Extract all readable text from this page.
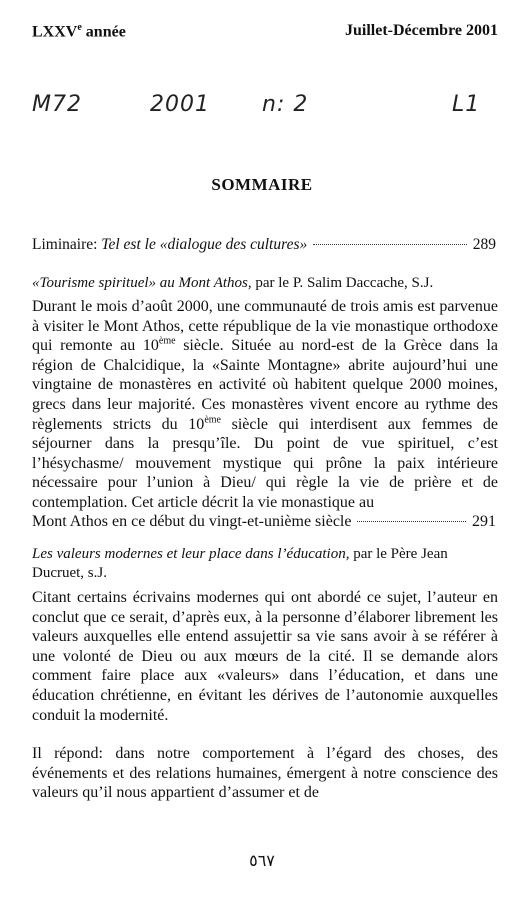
LXXVe année	Juillet-Décembre 2001
M72	2001 n: 2	L1
SOMMAIRE
Liminaire: Tel est le «dialogue des cultures»	289
«Tourisme spirituel» au Mont Athos, par le P. Salim Daccache, S.J.
Durant le mois d’août 2000, une communauté de trois amis est parvenue à visiter le Mont Athos, cette république de la vie monastique orthodoxe qui remonte au 10ème siècle. Située au nord-est de la Grèce dans la région de Chalcidique, la «Sainte Montagne» abrite aujourd’hui une vingtaine de monastères en activité où habitent quelque 2000 moines, grecs dans leur majorité. Ces monastères vivent encore au rythme des règlements stricts du 10ème siècle qui interdisent aux femmes de séjourner dans la presqu’île. Du point de vue spirituel, c’est l’hésychasme/ mouvement mystique qui prône la paix intérieure nécessaire pour l’union à Dieu/ qui règle la vie de prière et de contemplation. Cet article décrit la vie monastique au
Mont Athos en ce début du vingt-et-unième siècle	291
Les valeurs modernes et leur place dans l’éducation, par le Père Jean Ducruet, s.J.
Citant certains écrivains modernes qui ont abordé ce sujet, l’auteur en conclut que ce serait, d’après eux, à la personne d’élaborer librement les valeurs auxquelles elle entend assujettir sa vie sans avoir à se référer à une volonté de Dieu ou aux mœurs de la cité. Il se demande alors comment faire place aux «valeurs» dans l’éducation, et dans une éducation chrétienne, en évitant les dérives de l’autonomie auxquelles conduit la modernité.
Il répond: dans notre comportement à l’égard des choses, des événements et des relations humaines, émergent à notre conscience des valeurs qu’il nous appartient d’assumer et de
٥٦٧
